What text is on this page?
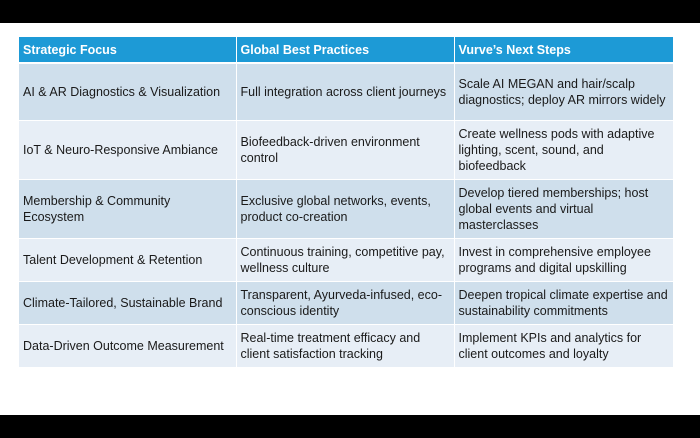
Strategic Focus	Global Best Practices	Vurve’s Next Steps
AI & AR Diagnostics & Visualization	Full integration across client journeys	Scale AI MEGAN and hair/scalp diagnostics; deploy AR mirrors widely
IoT & Neuro-Responsive Ambiance	Biofeedback-driven environment control	Create wellness pods with adaptive lighting, scent, sound, and biofeedback
Membership & Community Ecosystem	Exclusive global networks, events, product co-creation	Develop tiered memberships; host global events and virtual masterclasses
Talent Development & Retention	Continuous training, competitive pay, wellness culture	Invest in comprehensive employee programs and digital upskilling
Climate-Tailored, Sustainable Brand	Transparent, Ayurveda-infused, eco-conscious identity	Deepen tropical climate expertise and sustainability commitments
Data-Driven Outcome Measurement	Real-time treatment efficacy and client satisfaction tracking	Implement KPIs and analytics for client outcomes and loyalty
